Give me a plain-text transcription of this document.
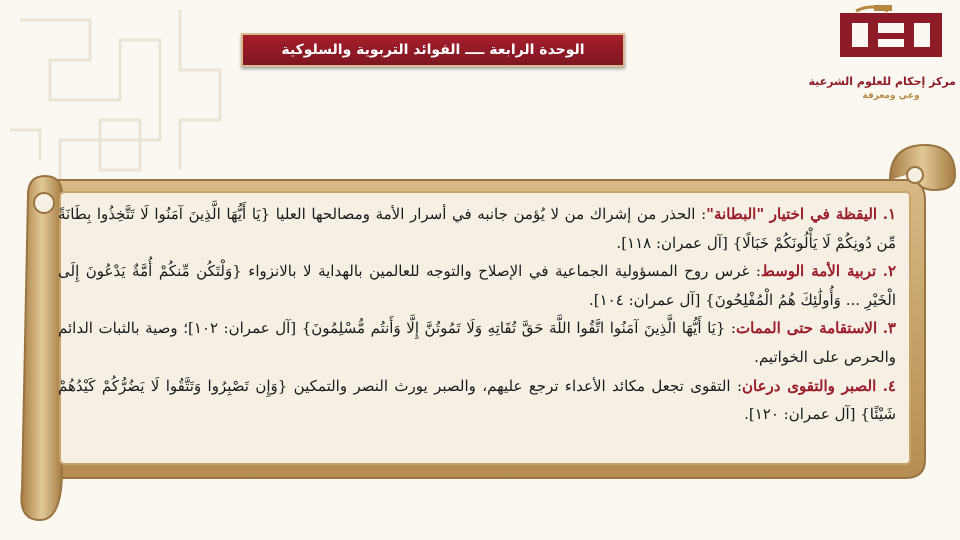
الوحدة الرابعة ــــ الفوائد التربوية والسلوكية
مركز إحكام للعلوم الشرعية
وعي ومعرفة

١. اليقظة في اختيار "البطانة": الحذر من إشراك من لا يُؤمن جانبه في أسرار الأمة ومصالحها العليا {يَا أَيُّهَا الَّذِينَ آمَنُوا لَا تَتَّخِذُوا بِطَانَةً مِّن دُونِكُمْ لَا يَأْلُونَكُمْ خَبَالًا} [آل عمران: ١١٨].

٢. تربية الأمة الوسط: غرس روح المسؤولية الجماعية في الإصلاح والتوجه للعالمين بالهداية لا بالانزواء {وَلْتَكُن مِّنكُمْ أُمَّةٌ يَدْعُونَ إِلَى الْخَيْرِ ... وَأُولَٰئِكَ هُمُ الْمُفْلِحُونَ} [آل عمران: ١٠٤].

٣. الاستقامة حتى الممات: {يَا أَيُّهَا الَّذِينَ آمَنُوا اتَّقُوا اللَّهَ حَقَّ تُقَاتِهِ وَلَا تَمُوتُنَّ إِلَّا وَأَنتُم مُّسْلِمُونَ} [آل عمران: ١٠٢]؛ وصية بالثبات الدائم والحرص على الخواتيم.

٤. الصبر والتقوى درعان: التقوى تجعل مكائد الأعداء ترجع عليهم، والصبر يورث النصر والتمكين {وَإِن تَصْبِرُوا وَتَتَّقُوا لَا يَضُرُّكُمْ كَيْدُهُمْ شَيْئًا} [آل عمران: ١٢٠].
